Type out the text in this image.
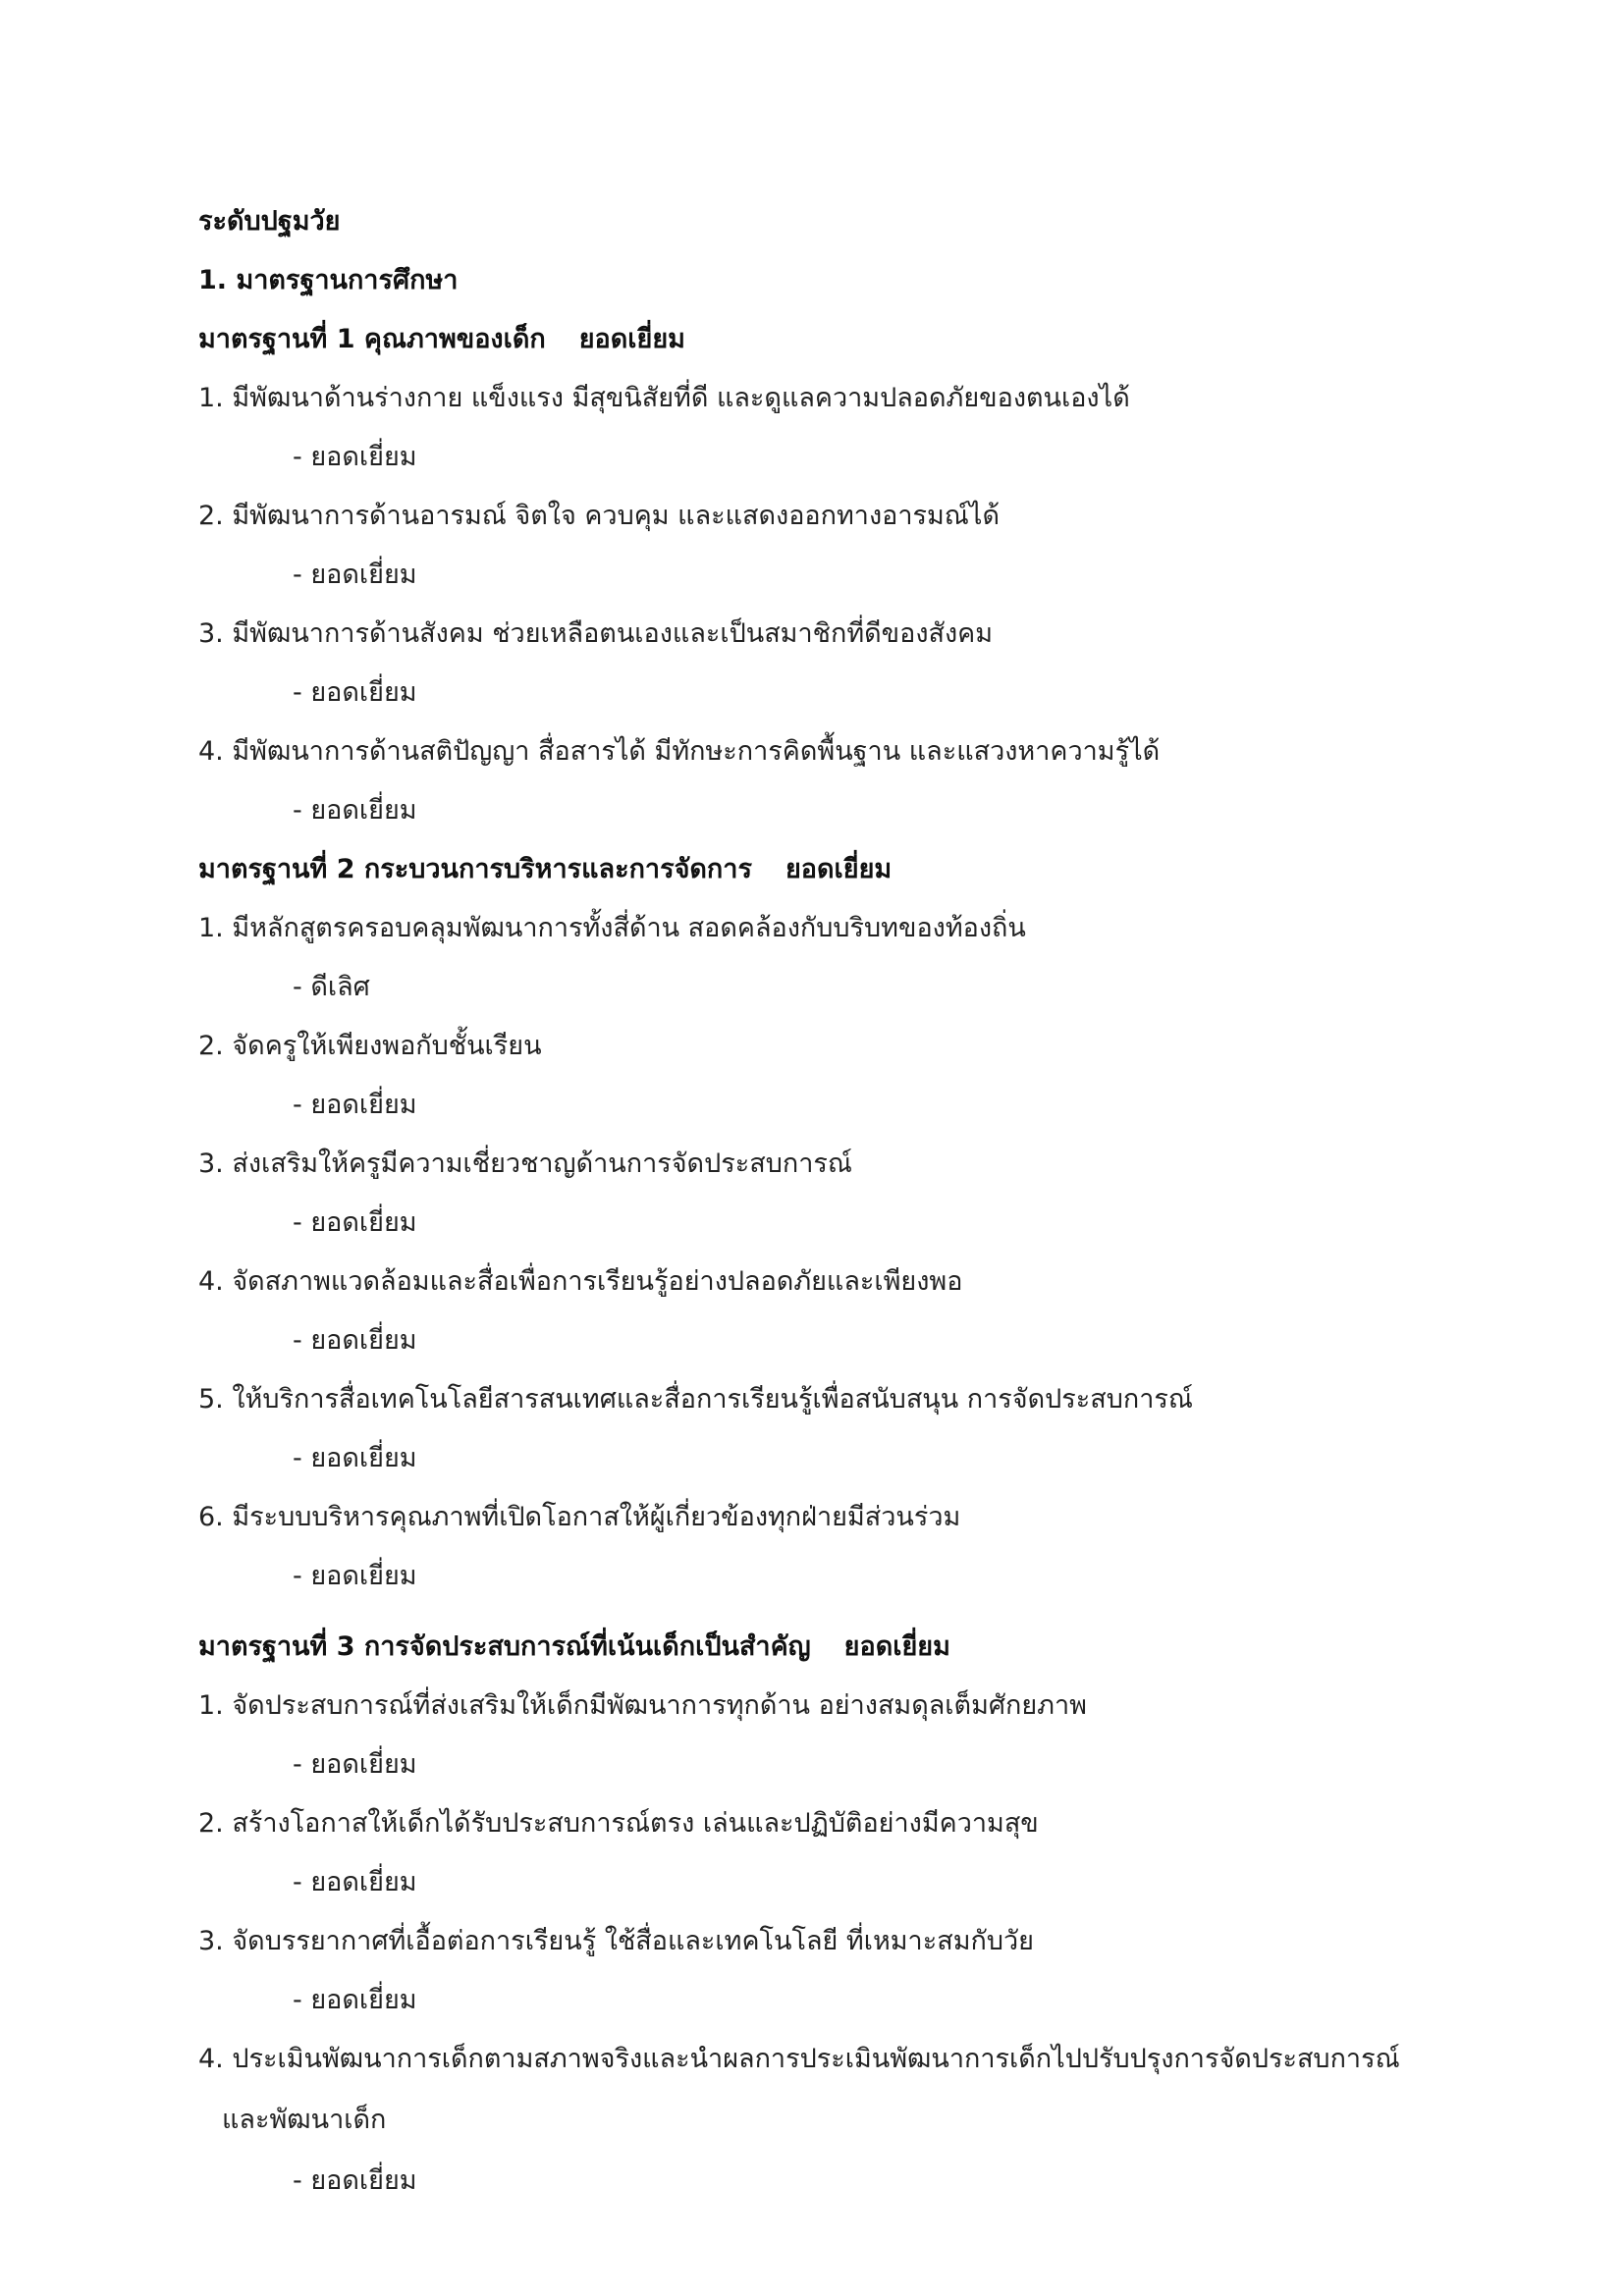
ระดับปฐมวัย
1. มาตรฐานการศึกษา
มาตรฐานที่ 1 คุณภาพของเด็ก ยอดเยี่ยม
1. มีพัฒนาด้านร่างกาย แข็งแรง มีสุขนิสัยที่ดี และดูแลความปลอดภัยของตนเองได้
- ยอดเยี่ยม
2. มีพัฒนาการด้านอารมณ์ จิตใจ ควบคุม และแสดงออกทางอารมณ์ได้
- ยอดเยี่ยม
3. มีพัฒนาการด้านสังคม ช่วยเหลือตนเองและเป็นสมาชิกที่ดีของสังคม
- ยอดเยี่ยม
4. มีพัฒนาการด้านสติปัญญา สื่อสารได้ มีทักษะการคิดพื้นฐาน และแสวงหาความรู้ได้
- ยอดเยี่ยม
มาตรฐานที่ 2 กระบวนการบริหารและการจัดการ ยอดเยี่ยม
1. มีหลักสูตรครอบคลุมพัฒนาการทั้งสี่ด้าน สอดคล้องกับบริบทของท้องถิ่น
- ดีเลิศ
2. จัดครูให้เพียงพอกับชั้นเรียน
- ยอดเยี่ยม
3. ส่งเสริมให้ครูมีความเชี่ยวชาญด้านการจัดประสบการณ์
- ยอดเยี่ยม
4. จัดสภาพแวดล้อมและสื่อเพื่อการเรียนรู้อย่างปลอดภัยและเพียงพอ
- ยอดเยี่ยม
5. ให้บริการสื่อเทคโนโลยีสารสนเทศและสื่อการเรียนรู้เพื่อสนับสนุน การจัดประสบการณ์
- ยอดเยี่ยม
6. มีระบบบริหารคุณภาพที่เปิดโอกาสให้ผู้เกี่ยวข้องทุกฝ่ายมีส่วนร่วม
- ยอดเยี่ยม
มาตรฐานที่ 3 การจัดประสบการณ์ที่เน้นเด็กเป็นสำคัญ ยอดเยี่ยม
1. จัดประสบการณ์ที่ส่งเสริมให้เด็กมีพัฒนาการทุกด้าน อย่างสมดุลเต็มศักยภาพ
- ยอดเยี่ยม
2. สร้างโอกาสให้เด็กได้รับประสบการณ์ตรง เล่นและปฏิบัติอย่างมีความสุข
- ยอดเยี่ยม
3. จัดบรรยากาศที่เอื้อต่อการเรียนรู้ ใช้สื่อและเทคโนโลยี ที่เหมาะสมกับวัย
- ยอดเยี่ยม
4. ประเมินพัฒนาการเด็กตามสภาพจริงและนำผลการประเมินพัฒนาการเด็กไปปรับปรุงการจัดประสบการณ์
และพัฒนาเด็ก
- ยอดเยี่ยม
